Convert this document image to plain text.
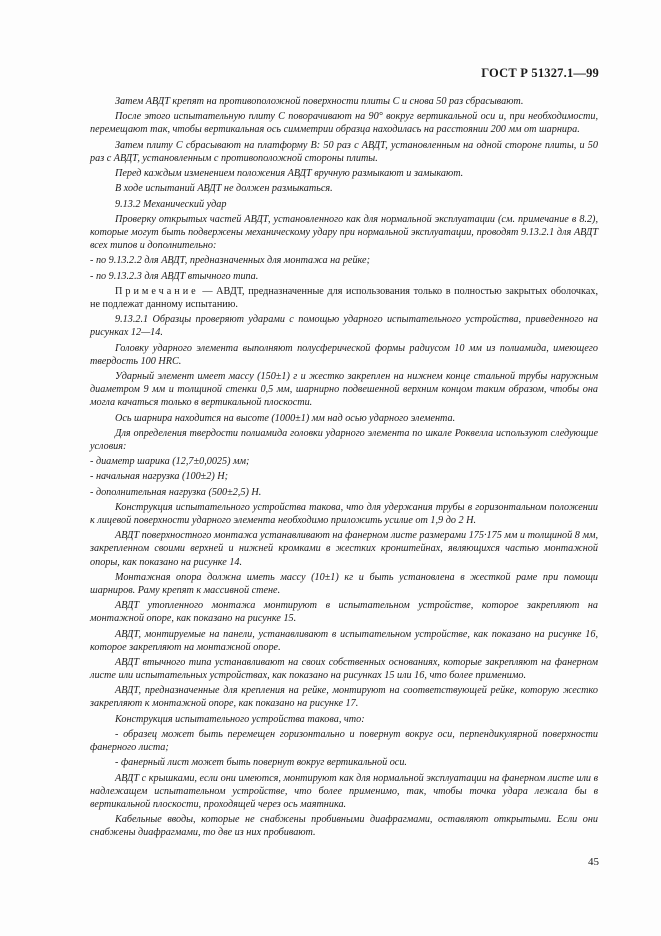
ГОСТ Р 51327.1—99

Затем АВДТ крепят на противоположной поверхности плиты С и снова 50 раз сбрасывают.

После этого испытательную плиту С поворачивают на 90° вокруг вертикальной оси и, при необходимости, перемещают так, чтобы вертикальная ось симметрии образца находилась на расстоянии 200 мм от шарнира.

Затем плиту С сбрасывают на платформу В: 50 раз с АВДТ, установленным на одной стороне плиты, и 50 раз с АВДТ, установленным с противоположной стороны плиты.

Перед каждым изменением положения АВДТ вручную размыкают и замыкают.

В ходе испытаний АВДТ не должен размыкаться.

9.13.2 Механический удар

Проверку открытых частей АВДТ, установленного как для нормальной эксплуатации (см. примечание в 8.2), которые могут быть подвержены механическому удару при нормальной эксплуатации, проводят 9.13.2.1 для АВДТ всех типов и дополнительно:

- по 9.13.2.2 для АВДТ, предназначенных для монтажа на рейке;

- по 9.13.2.3 для АВДТ втычного типа.

Примечание — АВДТ, предназначенные для использования только в полностью закрытых оболочках, не подлежат данному испытанию.

9.13.2.1 Образцы проверяют ударами с помощью ударного испытательного устройства, приведенного на рисунках 12—14.

Головку ударного элемента выполняют полусферической формы радиусом 10 мм из полиамида, имеющего твердость 100 HRC.

Ударный элемент имеет массу (150±1) г и жестко закреплен на нижнем конце стальной трубы наружным диаметром 9 мм и толщиной стенки 0,5 мм, шарнирно подвешенной верхним концом таким образом, чтобы она могла качаться только в вертикальной плоскости.

Ось шарнира находится на высоте (1000±1) мм над осью ударного элемента.

Для определения твердости полиамида головки ударного элемента по шкале Роквелла используют следующие условия:

- диаметр шарика (12,7±0,0025) мм;

- начальная нагрузка (100±2) Н;

- дополнительная нагрузка (500±2,5) Н.

Конструкция испытательного устройства такова, что для удержания трубы в горизонтальном положении к лицевой поверхности ударного элемента необходимо приложить усилие от 1,9 до 2 Н.

АВДТ поверхностного монтажа устанавливают на фанерном листе размерами 175·175 мм и толщиной 8 мм, закрепленном своими верхней и нижней кромками в жестких кронштейнах, являющихся частью монтажной опоры, как показано на рисунке 14.

Монтажная опора должна иметь массу (10±1) кг и быть установлена в жесткой раме при помощи шарниров. Раму крепят к массивной стене.

АВДТ утопленного монтажа монтируют в испытательном устройстве, которое закрепляют на монтажной опоре, как показано на рисунке 15.

АВДТ, монтируемые на панели, устанавливают в испытательном устройстве, как показано на рисунке 16, которое закрепляют на монтажной опоре.

АВДТ втычного типа устанавливают на своих собственных основаниях, которые закрепляют на фанерном листе или испытательных устройствах, как показано на рисунках 15 или 16, что более применимо.

АВДТ, предназначенные для крепления на рейке, монтируют на соответствующей рейке, которую жестко закрепляют к монтажной опоре, как показано на рисунке 17.

Конструкция испытательного устройства такова, что:

- образец может быть перемещен горизонтально и повернут вокруг оси, перпендикулярной поверхности фанерного листа;

- фанерный лист может быть повернут вокруг вертикальной оси.

АВДТ с крышками, если они имеются, монтируют как для нормальной эксплуатации на фанерном листе или в надлежащем испытательном устройстве, что более применимо, так, чтобы точка удара лежала бы в вертикальной плоскости, проходящей через ось маятника.

Кабельные вводы, которые не снабжены пробивными диафрагмами, оставляют открытыми. Если они снабжены диафрагмами, то две из них пробивают.

45
